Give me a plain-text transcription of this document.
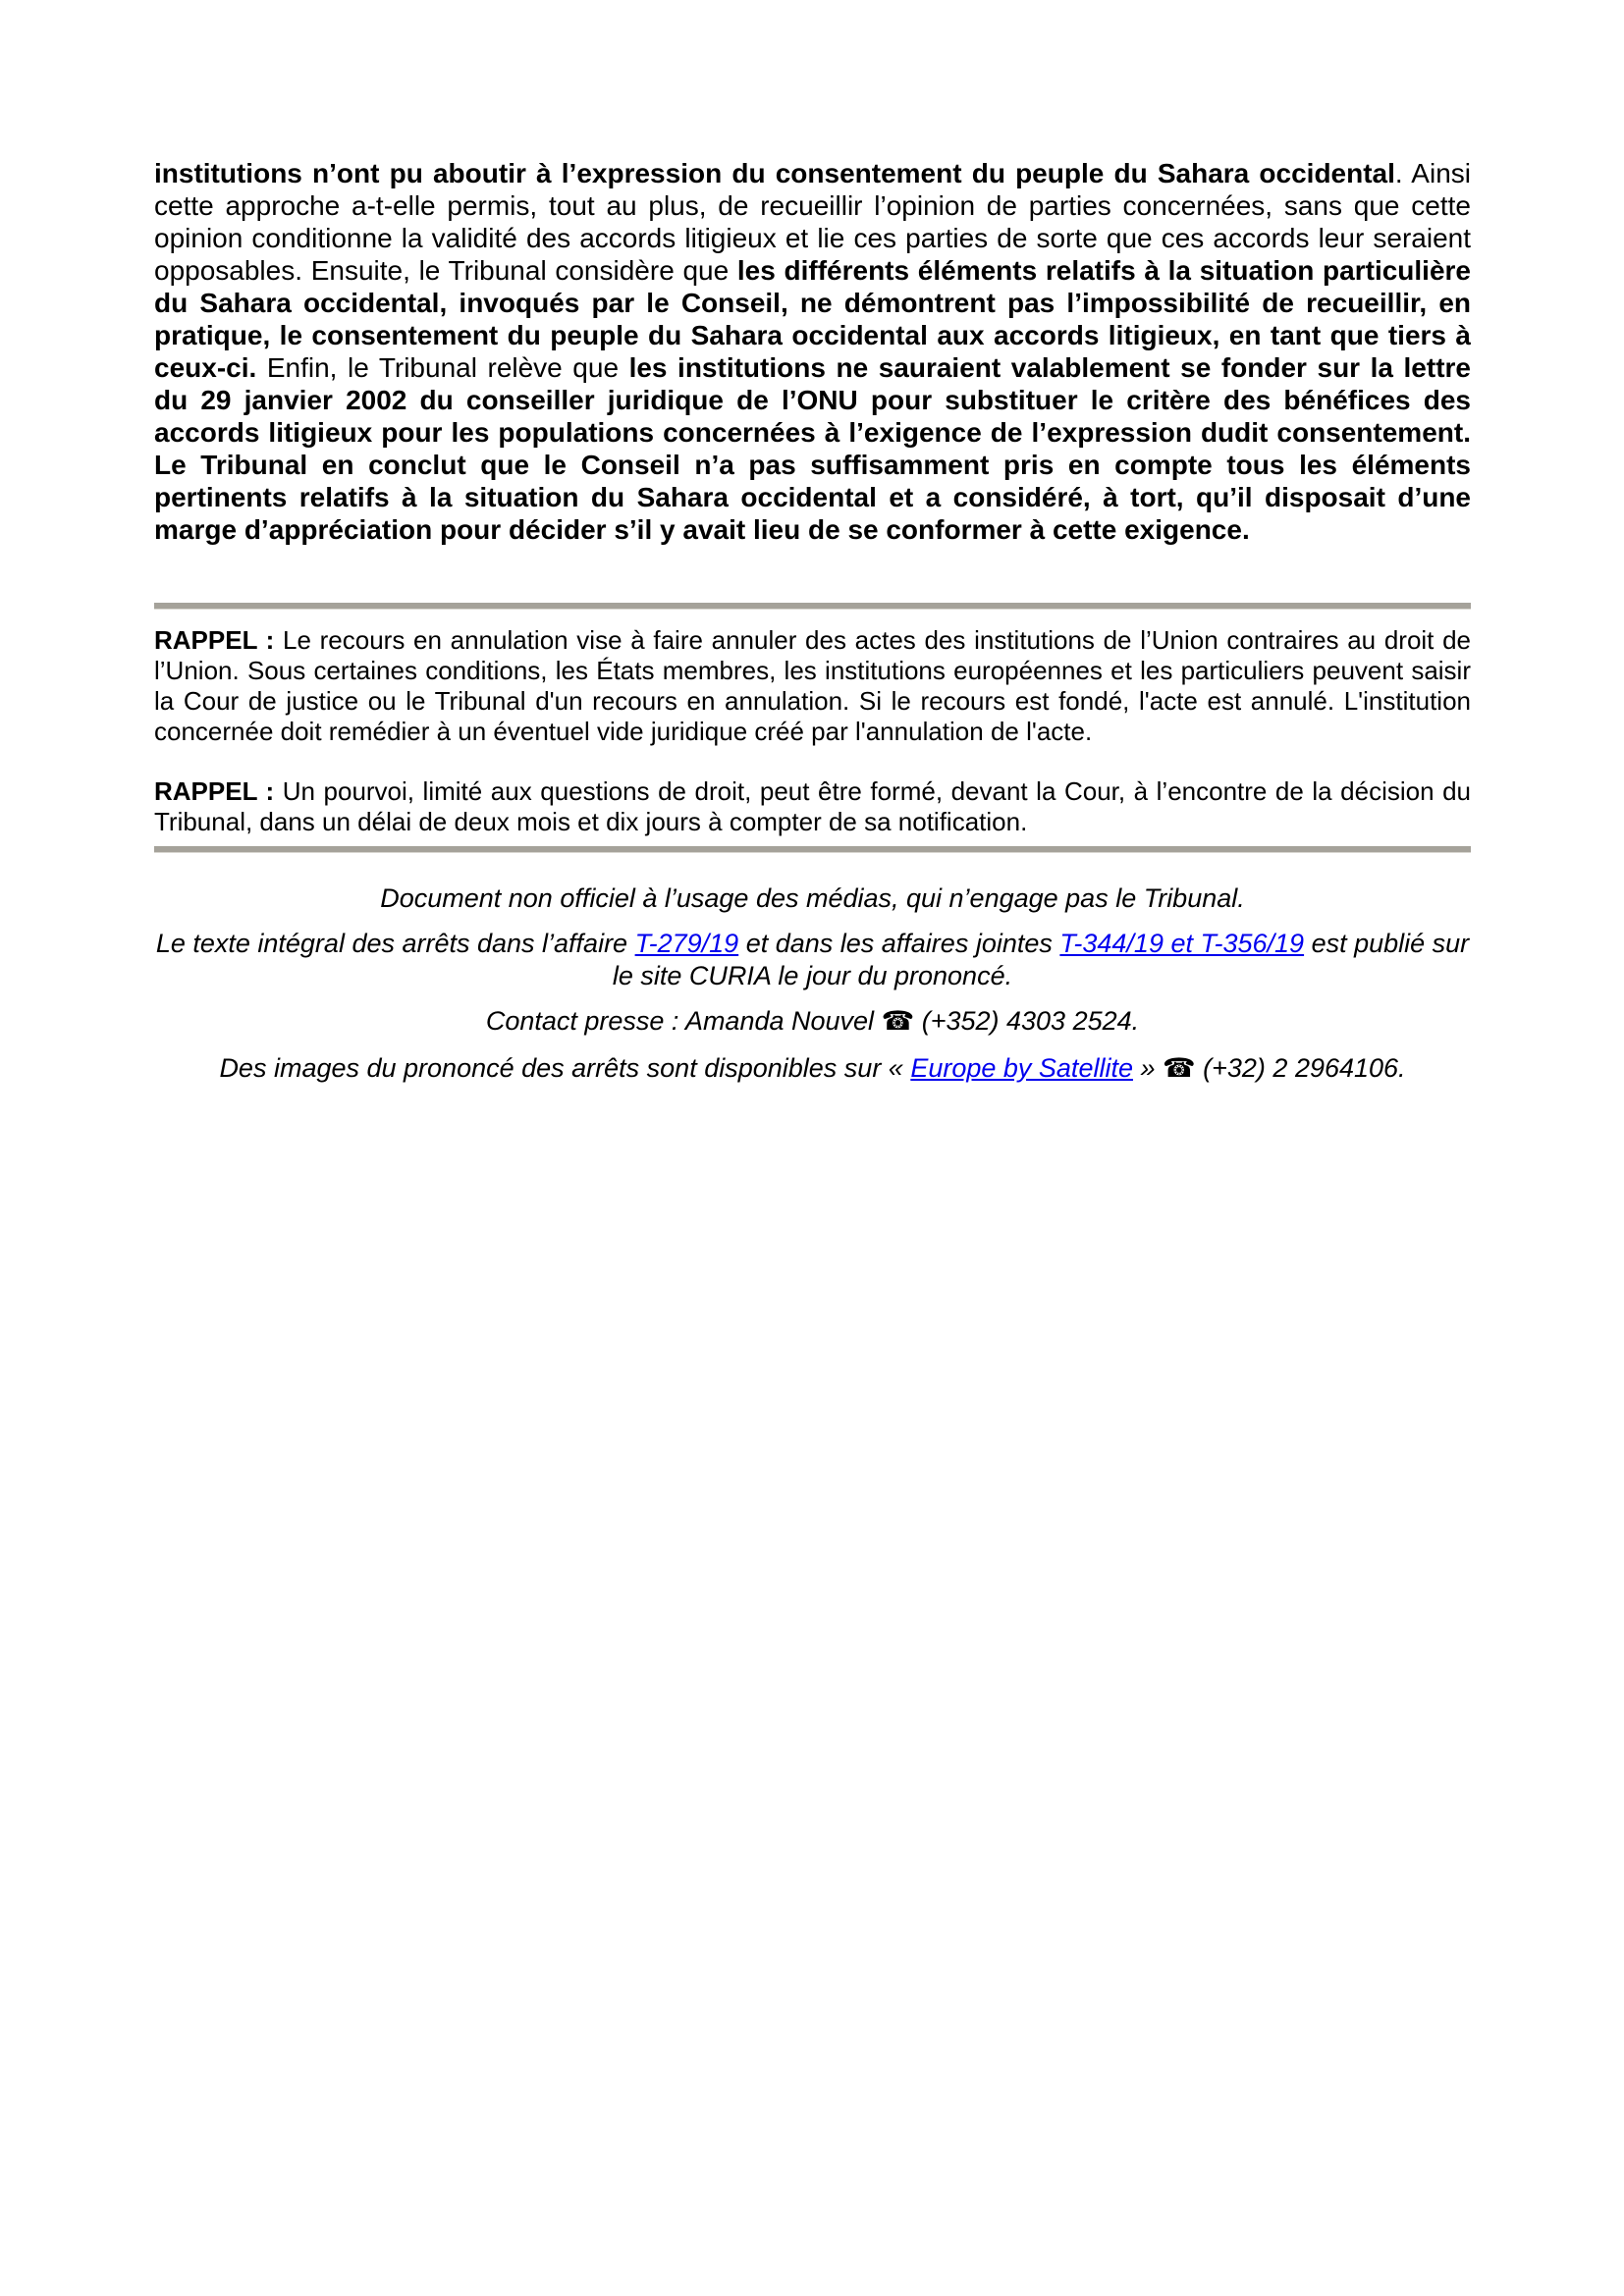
institutions n’ont pu aboutir à l’expression du consentement du peuple du Sahara occidental. Ainsi cette approche a-t-elle permis, tout au plus, de recueillir l’opinion de parties concernées, sans que cette opinion conditionne la validité des accords litigieux et lie ces parties de sorte que ces accords leur seraient opposables. Ensuite, le Tribunal considère que les différents éléments relatifs à la situation particulière du Sahara occidental, invoqués par le Conseil, ne démontrent pas l’impossibilité de recueillir, en pratique, le consentement du peuple du Sahara occidental aux accords litigieux, en tant que tiers à ceux-ci. Enfin, le Tribunal relève que les institutions ne sauraient valablement se fonder sur la lettre du 29 janvier 2002 du conseiller juridique de l’ONU pour substituer le critère des bénéfices des accords litigieux pour les populations concernées à l’exigence de l’expression dudit consentement. Le Tribunal en conclut que le Conseil n’a pas suffisamment pris en compte tous les éléments pertinents relatifs à la situation du Sahara occidental et a considéré, à tort, qu’il disposait d’une marge d’appréciation pour décider s’il y avait lieu de se conformer à cette exigence.

RAPPEL : Le recours en annulation vise à faire annuler des actes des institutions de l’Union contraires au droit de l’Union. Sous certaines conditions, les États membres, les institutions européennes et les particuliers peuvent saisir la Cour de justice ou le Tribunal d'un recours en annulation. Si le recours est fondé, l'acte est annulé. L'institution concernée doit remédier à un éventuel vide juridique créé par l'annulation de l'acte.

RAPPEL : Un pourvoi, limité aux questions de droit, peut être formé, devant la Cour, à l’encontre de la décision du Tribunal, dans un délai de deux mois et dix jours à compter de sa notification.

Document non officiel à l’usage des médias, qui n’engage pas le Tribunal.

Le texte intégral des arrêts dans l’affaire T-279/19 et dans les affaires jointes T-344/19 et T-356/19 est publié sur le site CURIA le jour du prononcé.

Contact presse : Amanda Nouvel ☎ (+352) 4303 2524.

Des images du prononcé des arrêts sont disponibles sur « Europe by Satellite » ☎ (+32) 2 2964106.
